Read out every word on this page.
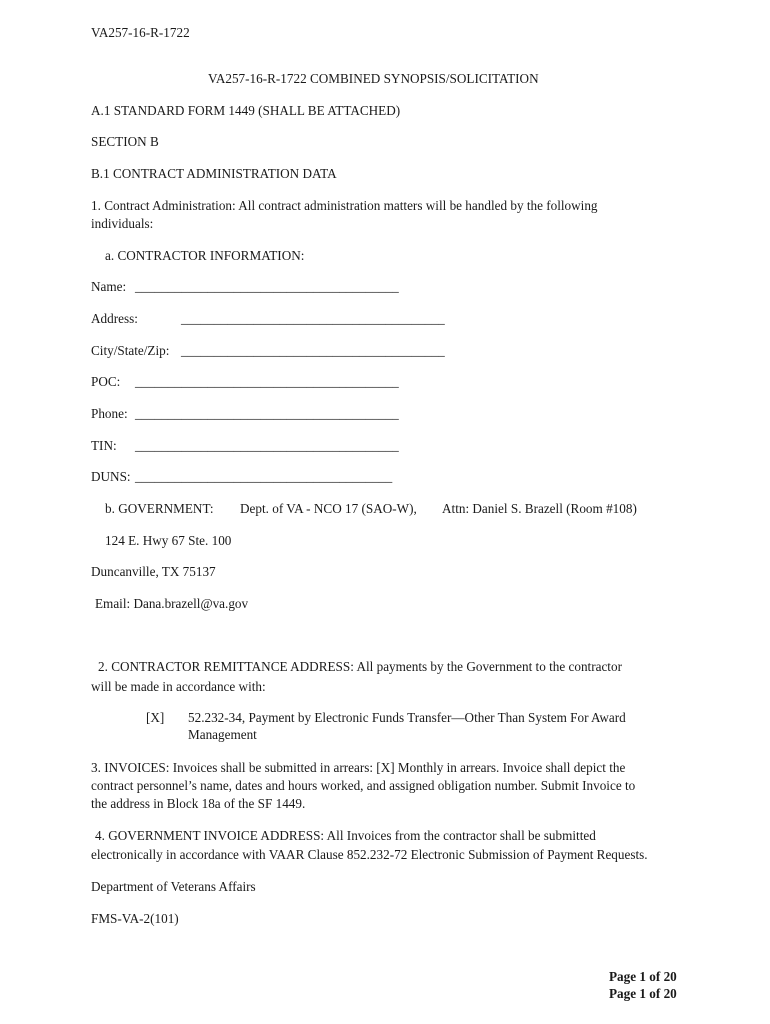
VA257-16-R-1722
VA257-16-R-1722 COMBINED SYNOPSIS/SOLICITATION
A.1 STANDARD FORM 1449 (SHALL BE ATTACHED)
SECTION B
B.1 CONTRACT ADMINISTRATION DATA
1. Contract Administration: All contract administration matters will be handled by the following
individuals:
a. CONTRACTOR INFORMATION:
Name: ________________________________________
Address:	________________________________________
City/State/Zip: ________________________________________
POC: ________________________________________
Phone: ________________________________________
TIN: ________________________________________
DUNS: _______________________________________
b. GOVERNMENT: Dept. of VA - NCO 17 (SAO-W), Attn: Daniel S. Brazell (Room #108)
124 E. Hwy 67 Ste. 100
Duncanville, TX 75137
Email: Dana.brazell@va.gov
2. CONTRACTOR REMITTANCE ADDRESS: All payments by the Government to the contractor
will be made in accordance with:
[X] 52.232-34, Payment by Electronic Funds Transfer—Other Than System For Award
Management
3. INVOICES: Invoices shall be submitted in arrears: [X] Monthly in arrears. Invoice shall depict the
contract personnel’s name, dates and hours worked, and assigned obligation number. Submit Invoice to
the address in Block 18a of the SF 1449.
4. GOVERNMENT INVOICE ADDRESS: All Invoices from the contractor shall be submitted
electronically in accordance with VAAR Clause 852.232-72 Electronic Submission of Payment Requests.
Department of Veterans Affairs
FMS-VA-2(101)
Page 1 of 20
Page 1 of 20
